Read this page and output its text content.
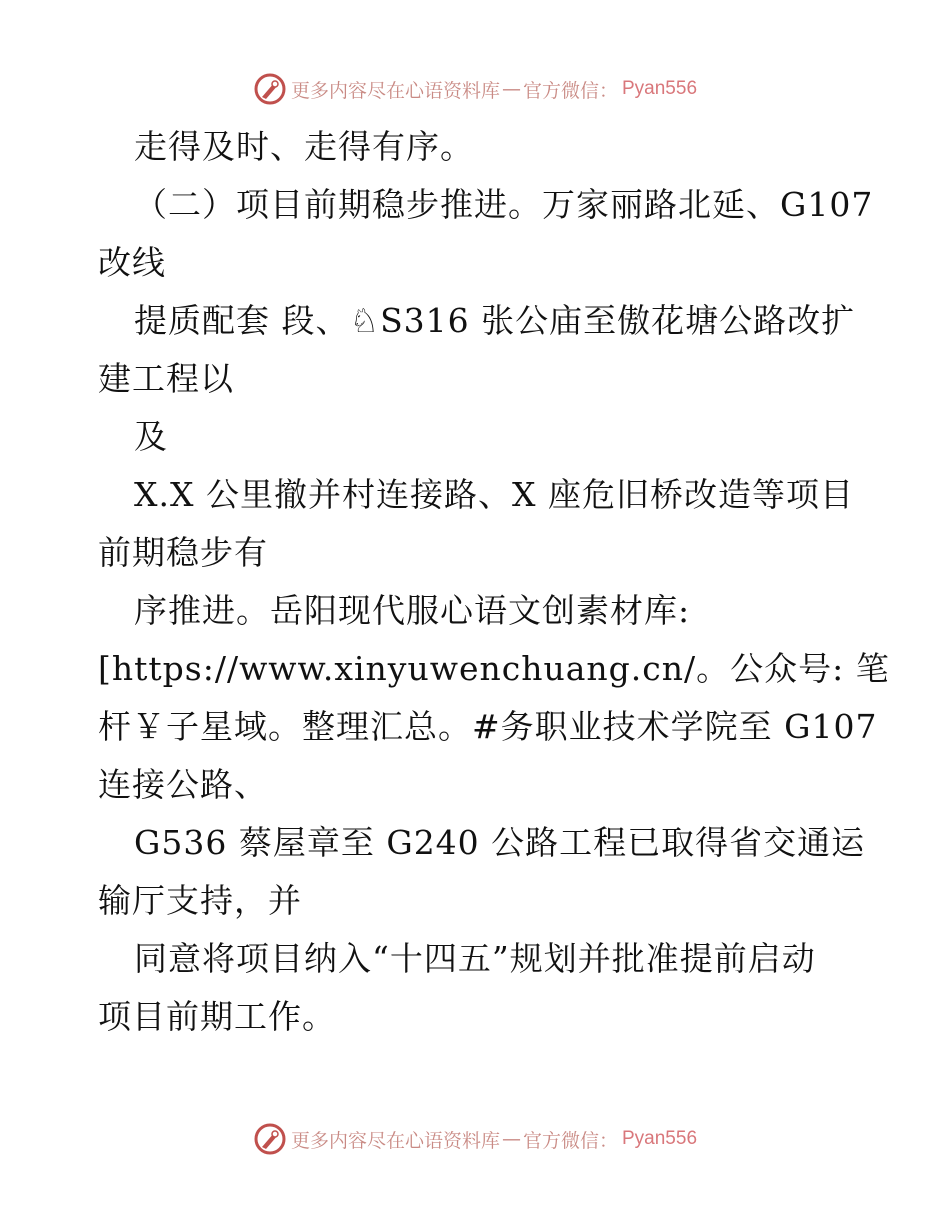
更多内容尽在心语资料库 — 官方微信： Pyan556
走得及时、走得有序。
（二）项目前期稳步推进。万家丽路北延、G107
改线
提质配套 段、♘S316 张公庙至傲花塘公路改扩
建工程以
及
X.X 公里撤并村连接路、X 座危旧桥改造等项目
前期稳步有
序推进。岳阳现代服心语文创素材库:
[https://www.xinyuwenchuang.cn/。公众号: 笔
杆￥子星域。整理汇总。#务职业技术学院至 G107
连接公路、
G536 蔡屋章至 G240 公路工程已取得省交通运
输厅支持，并
同意将项目纳入“十四五”规划并批准提前启动
项目前期工作。
更多内容尽在心语资料库 — 官方微信： Pyan556
